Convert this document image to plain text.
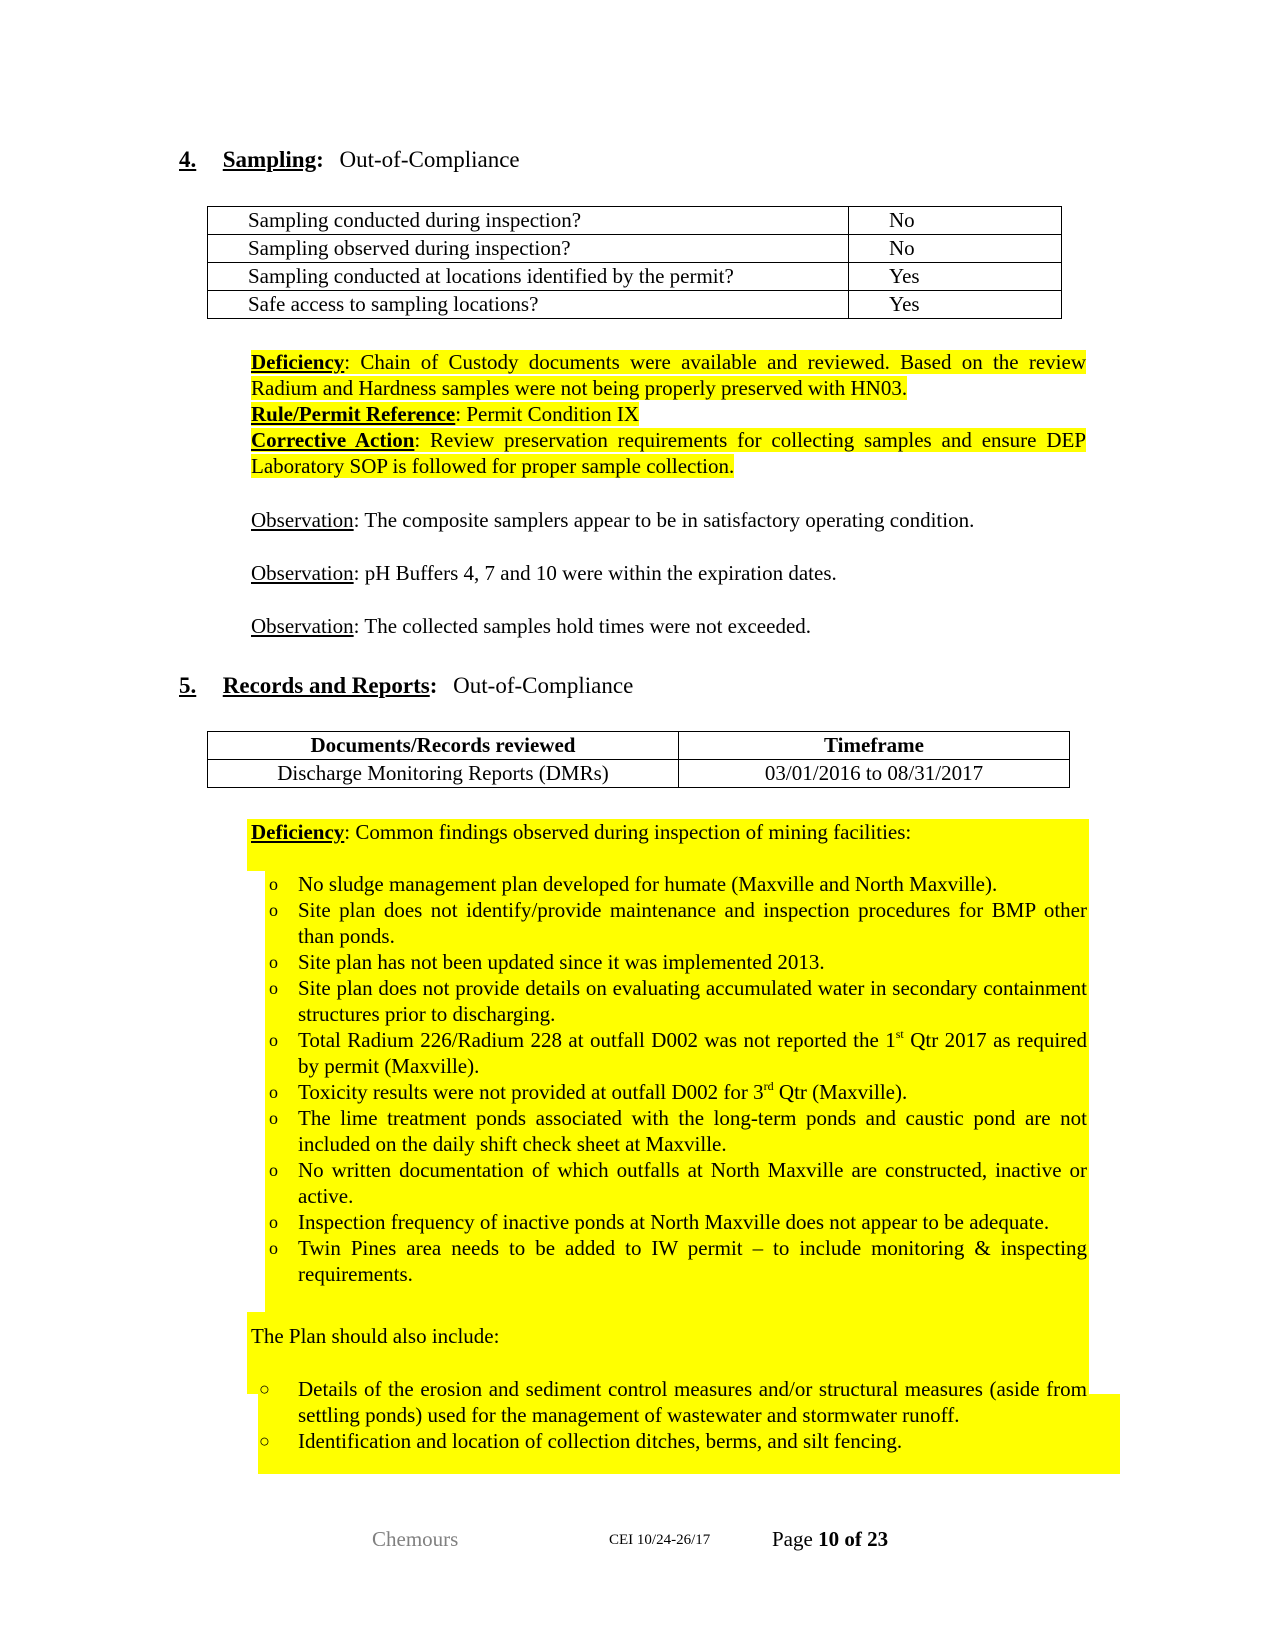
4. Sampling: Out-of-Compliance
Sampling conducted during inspection?	No
Sampling observed during inspection?	No
Sampling conducted at locations identified by the permit?	Yes
Safe access to sampling locations?	Yes
Deficiency: Chain of Custody documents were available and reviewed. Based on the review Radium and Hardness samples were not being properly preserved with HN03.
Rule/Permit Reference: Permit Condition IX
Corrective Action: Review preservation requirements for collecting samples and ensure DEP Laboratory SOP is followed for proper sample collection.
Observation: The composite samplers appear to be in satisfactory operating condition.
Observation: pH Buffers 4, 7 and 10 were within the expiration dates.
Observation: The collected samples hold times were not exceeded.
5. Records and Reports: Out-of-Compliance
Documents/Records reviewed	Timeframe
Discharge Monitoring Reports (DMRs)	03/01/2016 to 08/31/2017
Deficiency: Common findings observed during inspection of mining facilities:
o No sludge management plan developed for humate (Maxville and North Maxville).
o Site plan does not identify/provide maintenance and inspection procedures for BMP other than ponds.
o Site plan has not been updated since it was implemented 2013.
o Site plan does not provide details on evaluating accumulated water in secondary containment structures prior to discharging.
o Total Radium 226/Radium 228 at outfall D002 was not reported the 1st Qtr 2017 as required by permit (Maxville).
o Toxicity results were not provided at outfall D002 for 3rd Qtr (Maxville).
o The lime treatment ponds associated with the long-term ponds and caustic pond are not included on the daily shift check sheet at Maxville.
o No written documentation of which outfalls at North Maxville are constructed, inactive or active.
o Inspection frequency of inactive ponds at North Maxville does not appear to be adequate.
o Twin Pines area needs to be added to IW permit – to include monitoring & inspecting requirements.
The Plan should also include:
○ Details of the erosion and sediment control measures and/or structural measures (aside from settling ponds) used for the management of wastewater and stormwater runoff.
○ Identification and location of collection ditches, berms, and silt fencing.
Chemours	CEI 10/24-26/17	Page 10 of 23
